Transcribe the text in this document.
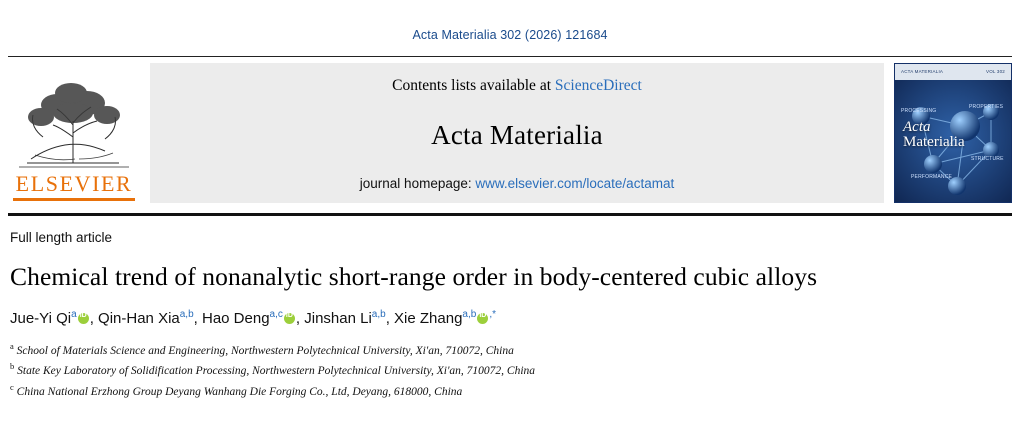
Acta Materialia 302 (2026) 121684
ELSEVIER
Contents lists available at ScienceDirect
Acta Materialia
journal homepage: www.elsevier.com/locate/actamat
ACTA MATERIALIA	VOL 302
PROCESSING
PROPERTIES
STRUCTURE
PERFORMANCE
Acta
Materialia
Full length article
Chemical trend of nonanalytic short-range order in body-centered cubic alloys
Jue-Yi Qi$^a$ iD , Qin-Han Xia$^{a,b}$, Hao Deng$^{a,c}$ iD , Jinshan Li$^{a,b}$, Xie Zhang$^{a,b}$ iD ,*
$^a$ School of Materials Science and Engineering, Northwestern Polytechnical University, Xi'an, 710072, China
$^b$ State Key Laboratory of Solidification Processing, Northwestern Polytechnical University, Xi'an, 710072, China
$^c$ China National Erzhong Group Deyang Wanhang Die Forging Co., Ltd, Deyang, 618000, China
